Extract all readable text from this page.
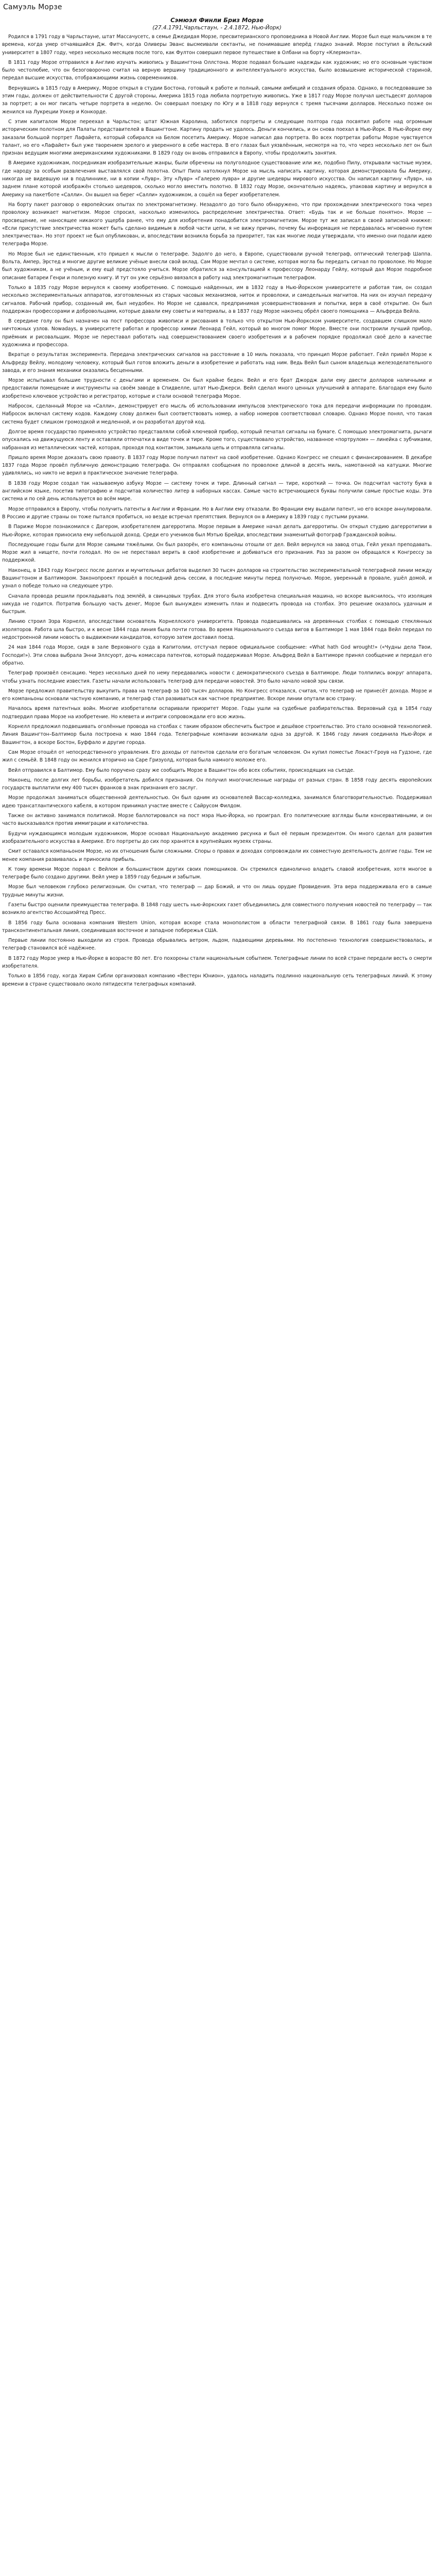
Самуэль Морзе
Сэмюэл Финли Бриз Морзе
(27.4.1791,Чарльстаун, - 2.4.1872, Нью-Йорк)

Родился в 1791 году в Чарльстауне, штат Массачусетс, в семье Джедидая Морзе, пресвитерианского проповедника в Новой Англии. Морзе был еще мальчиком в те времена, когда умер отчаявшийся Дж. Фитч, когда Оливеры Эванс высмеивали сектанты, не понимавшие вперёд гладко знаний. Морзе поступил в Йельский университет в 1807 году, через несколько месяцев после того, как Фултон совершил первое путешествие в Олбани на борту «Клермонта».

В 1811 году Морзе отправился в Англию изучать живопись у Вашингтона Оллстона. Морзе подавал большие надежды как художник; но его основным чувством было честолюбие, что он безоговорочно считал на верную вершину традиционного и интеллектуального искусства, было возвышение исторической стариной, передал высшие искусства, отображающими жизнь современников.

Вернувшись в 1815 году в Америку, Морзе открыл в студии Бостона, готовый к работе и полный, самыми амбиций и создания образа. Однако, в последовавшие за этим годы, должен от действительности C другой стороны, Америка 1815 года любила портретную живопись. Уже в 1817 году Морзе получал шестьдесят долларов за портрет; а он мог писать четыре портрета в неделю. Он совершал поездку по Югу и в 1818 году вернулся с тремя тысячами долларов. Несколько позже он женился на Лукреции Уокер и Конкорде.

С этим капиталом Морзе переехал в Чарльстон; штат Южная Каролина, заботился портреты и следующие полтора года посвятил работе над огромным историческим полотном для Палаты представителей в Вашингтоне. Картину продать не удалось. Деньги кончились, и он снова поехал в Нью-Йорк. В Нью-Йорке ему заказали большой портрет Лафайета, который собирался на Белом посетить Америку. Морзе написал два портрета. Во всех портретах работы Морзе чувствуется талант, но его «Лафайет» был уже творением зрелого и уверенного в себе мастера. В его глазах был уязвлённым, несмотря на то, что через несколько лет он был признан ведущим многими американскими художниками. В 1829 году он вновь отправился в Европу, чтобы продолжить занятия.

В Америке художникам, посредникам изобразительные жанры, были обречены на полуголодное существование или же, подобно Пилу, открывали частные музеи, где народу за особым развлечения выставлялся свой полотна. Опыт Пила натолкнул Морзе на мысль написать картину, которая демонстрировала бы Америку, никогда не видевшую ни в подлиннике, ни в копии «Лувр». Эту «Лувр» «Галерею лувра» и другие шедевры мирового искусства. Он написал картину «Лувр», на заднем плане которой изображён столько шедевров, сколько могло вместить полотно. В 1832 году Морзе, окончательно надеясь, упаковав картину и вернулся в Америку на пакетботе «Салли». Он вышел на берег «Салли» художником, а сошёл на берег изобретателем.

На борту пакет разговор о европейских опытах по электромагнетизму. Незадолго до того было обнаружено, что при прохождении электрического тока через проволоку возникает магнетизм. Морзе спросил, насколько изменилось распределение электричества. Ответ: «Будь так и не больше понятно». Морзе — просвещение, не наносящее никакого ущерба ранее, что ему для изобретения понадобится электромагнетизм. Морзе тут же записал в своей записной книжке: «Если присутствие электричества может быть сделано видимым в любой части цепи, я не вижу причин, почему бы информация не передавалась мгновенно путем электричества». Но этот проект не был опубликован, и, впоследствии возникла борьба за приоритет, так как многие люди утверждали, что именно они подали идею телеграфа Морзе.

Нo Морзе был не единственным, кто пришел к мысли о телеграфе. Задолго до него, в Европе, существовали ручной телеграф, оптический телеграф Шаппа. Вольта, Ампер, Эрстед и многие другие великие учёные внесли свой вклад. Сам Морзе мечтал о системе, которая могла бы передать сигнал по проволоке. Но Морзе был художником, а не учёным, и ему ещё предстояло учиться. Морзе обратился за консультацией к профессору Леонарду Гейлу, который дал Морзе подробное описание батареи Генри и полезную книгу. И тут он уже серьёзно ввязался в работу над электромагнитным телеграфом.

Только в 1835 году Морзе вернулся к своему изобретению. С помощью найденных, им в 1832 году в Нью-Йоркском университете и работая там, он создал несколько экспериментальных аппаратов, изготовленных из старых часовых механизмов, ниток и проволоки, и самодельных магнитов. На них он изучал передачу сигналов. Рабочий прибор, созданный им, был неудобен. Но Морзе не сдавался, предпринимая усовершенствования и попытки, веря в своё открытие. Он был поддержан профессорами и добровольцами, которые давали ему советы и материалы, а в 1837 году Морзе наконец обрёл своего помощника — Альфреда Вейла.

В середине голу он был назначен на пост профессора живописи и рисования в только что открытом Нью-Йоркском университете, создавшем слишком мало ничтожных узлов. Nowadays, в университете работал и профессор химии Леонард Гейл, который во многом помог Морзе. Вместе они построили лучший прибор, приёмник и рисовальщик. Морзе не переставал работать над совершенствованием своего изобретения и в рабочем порядке продолжал своё дело в качестве художника и профессора.

Вкратце о результатах эксперимента. Передача электрических сигналов на расстояние в 10 миль показала, что принцип Морзе работает. Гейл привёл Морзе к Альфреду Вейлу, молодому человеку, который был готов вложить деньги в изобретение и работать над ним. Ведь Вейл был сыном владельца железоделательного завода, и его знания механики оказались бесценными.

Морзе испытывал большие трудности с деньгами и временем. Он был крайне беден. Вейл и его брат Джордж дали ему двести долларов наличными и предоставили помещение и инструменты на своём заводе в Спидвелле, штат Нью-Джерси. Вейл сделал много ценных улучшений в аппарате. Благодаря ему было изобретено ключевое устройство и регистратор, которые и стали основой телеграфа Морзе.

Набросок, сделанный Морзе на «Салли», демонстрирует его мысль об использовании импульсов электрического тока для передачи информации по проводам. Набросок включал систему кодов. Каждому слову должен был соответствовать номер, а набор номеров соответствовал словарю. Однако Морзе понял, что такая система будет слишком громоздкой и медленной, и он разработал другой код.

Долгое время государство применяло устройство представляли собой ключевой прибор, который печатал сигналы на бумаге. С помощью электромагнита, рычаги опускались на движущуюся ленту и оставляли отпечатки в виде точек и тире. Кроме того, существовало устройство, названное «портрулом» — линейка с зубчиками, набранная из металлических частей, которая, проходя под контактом, замыкала цепь и отправляла сигналы.

Пришло время Морзе доказать свою правоту. В 1837 году Морзе получил патент на своё изобретение. Однако Конгресс не спешил с финансированием. В декабре 1837 года Морзе провёл публичную демонстрацию телеграфа. Он отправлял сообщения по проволоке длиной в десять миль, намотанной на катушки. Многие удивлялись, но никто не верил в практическое значение телеграфа.

В 1838 году Морзе создал так называемую азбуку Морзе — систему точек и тире. Длинный сигнал — тире, короткий — точка. Он подсчитал частоту букв в английском языке, посетив типографию и подсчитав количество литер в наборных кассах. Самые часто встречающиеся буквы получили самые простые коды. Эта система и по сей день используется во всём мире.

Морзе отправился в Европу, чтобы получить патенты в Англии и Франции. Но в Англии ему отказали. Во Франции ему выдали патент, но его вскоре аннулировали. В Россию и другие страны он тоже пытался пробиться, но везде встречал препятствия. Вернулся он в Америку в 1839 году с пустыми руками.

В Париже Морзе познакомился с Дагером, изобретателем дагерротипа. Морзе первым в Америке начал делать дагерротипы. Он открыл студию дагерротипии в Нью-Йорке, которая приносила ему небольшой доход. Среди его учеников был Мэтью Брейди, впоследствии знаменитый фотограф Гражданской войны.

Последующие годы были для Морзе самыми тяжёлыми. Он был разорён, его компаньоны отошли от дел. Вейл вернулся на завод отца, Гейл уехал преподавать. Морзе жил в нищете, почти голодал. Но он не переставал верить в своё изобретение и добиваться его признания. Раз за разом он обращался к Конгрессу за поддержкой.

Наконец, в 1843 году Конгресс после долгих и мучительных дебатов выделил 30 тысяч долларов на строительство экспериментальной телеграфной линии между Вашингтоном и Балтимором. Законопроект прошёл в последний день сессии, в последние минуты перед полуночью. Морзе, уверенный в провале, ушёл домой, и узнал о победе только на следующее утро.

Сначала провода решили прокладывать под землёй, в свинцовых трубах. Для этого была изобретена специальная машина, но вскоре выяснилось, что изоляция никуда не годится. Потратив большую часть денег, Морзе был вынужден изменить план и подвесить провода на столбах. Это решение оказалось удачным и быстрым.

Линию строил Эзра Корнелл, впоследствии основатель Корнеллского университета. Провода подвешивались на деревянных столбах с помощью стеклянных изоляторов. Работа шла быстро, и к весне 1844 года линия была почти готова. Во время Национального съезда вигов в Балтиморе 1 мая 1844 года Вейл передал по недостроенной линии новость о выдвижении кандидатов, которую затем доставил поезд.

24 мая 1844 года Морзе, сидя в зале Верховного суда в Капитолии, отстучал первое официальное сообщение: «What hath God wrought!» («Чудны дела Твои, Господи!»). Эти слова выбрала Энни Эллсуорт, дочь комиссара патентов, который поддерживал Морзе. Альфред Вейл в Балтиморе принял сообщение и передал его обратно.

Телеграф произвёл сенсацию. Через несколько дней по нему передавались новости с демократического съезда в Балтиморе. Люди толпились вокруг аппарата, чтобы узнать последние известия. Газеты начали использовать телеграф для передачи новостей. Это было начало новой эры связи.

Морзе предложил правительству выкупить права на телеграф за 100 тысяч долларов. Но Конгресс отказался, считая, что телеграф не принесёт дохода. Морзе и его компаньоны основали частную компанию, и телеграф стал развиваться как частное предприятие. Вскоре линии опутали всю страну.

Началось время патентных войн. Многие изобретатели оспаривали приоритет Морзе. Годы ушли на судебные разбирательства. Верховный суд в 1854 году подтвердил права Морзе на изобретение. Но клевета и интриги сопровождали его всю жизнь.

Корнелл предложил подвешивать оголённые провода на столбах с таким образом обеспечить быстрое и дешёвое строительство. Это стало основной технологией. Линия Вашингтон–Балтимор была построена к маю 1844 года. Телеграфные компании возникали одна за другой. К 1846 году линия соединила Нью-Йорк и Вашингтон, а вскоре Бостон, Буффало и другие города.

Сам Морзе отошёл от непосредственного управления. Его доходы от патентов сделали его богатым человеком. Он купил поместье Локаст-Гроув на Гудзоне, где жил с семьёй. В 1848 году он женился вторично на Саре Гризуолд, которая была намного моложе его.

Вейл отправился в Балтимор. Ему было поручено сразу же сообщить Морзе в Вашингтон обо всех событиях, происходящих на съезде.

Наконец, после долгих лет борьбы, изобретатель добился признания. Он получил многочисленные награды от разных стран. В 1858 году десять европейских государств выплатили ему 400 тысяч франков в знак признания его заслуг.

Морзе продолжал заниматься общественной деятельностью. Он был одним из основателей Вассар-колледжа, занимался благотворительностью. Поддерживал идею трансатлантического кабеля, в котором принимал участие вместе с Сайрусом Филдом.

Также он активно занимался политикой. Морзе баллотировался на пост мэра Нью-Йорка, но проиграл. Его политические взгляды были консервативными, и он часто высказывался против иммиграции и католичества.

Будучи нуждающимся молодым художником, Морзе основал Национальную академию рисунка и был её первым президентом. Он много сделал для развития изобразительного искусства в Америке. Его портреты до сих пор хранятся в крупнейших музеях страны.

Смит оставался компаньоном Морзе, но их отношения были сложными. Споры о правах и доходах сопровождали их совместную деятельность долгие годы. Тем не менее компания развивалась и приносила прибыль.

К тому времени Морзе порвал с Вейлом и большинством других своих помощников. Он стремился единолично владеть славой изобретения, хотя многое в телеграфе было создано другими. Вейл умер в 1859 году бедным и забытым.

Морзе был человеком глубоко религиозным. Он считал, что телеграф — дар Божий, и что он лишь орудие Провидения. Эта вера поддерживала его в самые трудные минуты жизни.

Газеты быстро оценили преимущества телеграфа. В 1848 году шесть нью-йоркских газет объединились для совместного получения новостей по телеграфу — так возникло агентство Ассошиэйтед Пресс.

В 1856 году была основана компания Western Union, которая вскоре стала монополистом в области телеграфной связи. В 1861 году была завершена трансконтинентальная линия, соединившая восточное и западное побережья США.

Первые линии постоянно выходили из строя. Провода обрывались ветром, льдом, падающими деревьями. Но постепенно технология совершенствовалась, и телеграф становился всё надёжнее.

В 1872 году Морзе умер в Нью-Йорке в возрасте 80 лет. Его похороны стали национальным событием. Телеграфные линии по всей стране передали весть о смерти изобретателя.

Только в 1856 году, когда Хирам Сибли организовал компанию «Вестерн Юнион», удалось наладить подлинно национальную сеть телеграфных линий. К этому времени в стране существовало около пятидесяти телеграфных компаний.
